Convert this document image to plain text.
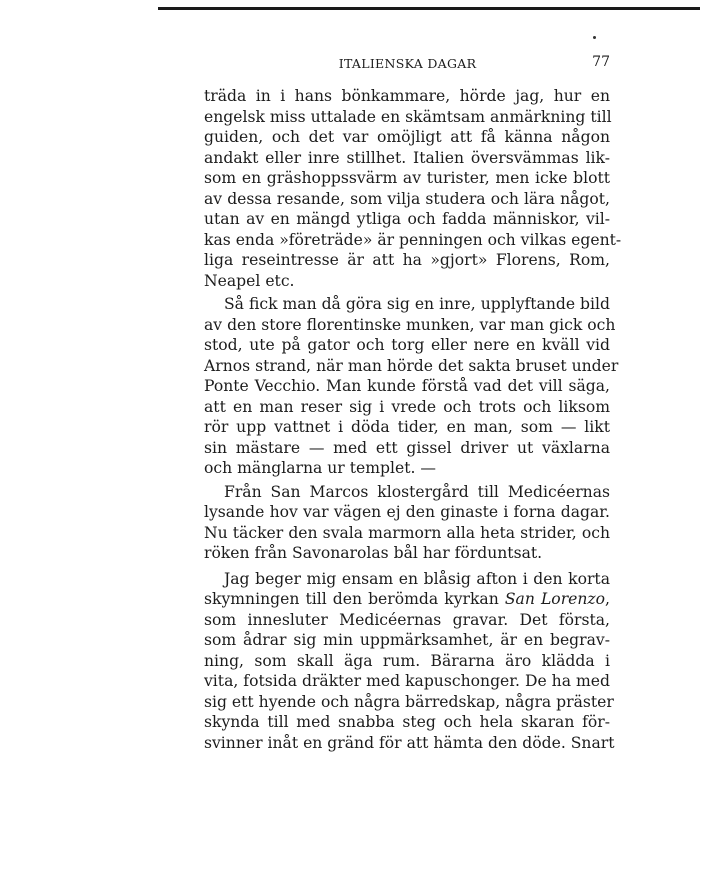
ITALIENSKA DAGAR	77
träda in i hans bönkammare, hörde jag, hur en
engelsk miss uttalade en skämtsam anmärkning till
guiden, och det var omöjligt att få känna någon
andakt eller inre stillhet. Italien översvämmas lik-
som en gräshoppssvärm av turister, men icke blott
av dessa resande, som vilja studera och lära något,
utan av en mängd ytliga och fadda människor, vil-
kas enda »företräde» är penningen och vilkas egent-
liga reseintresse är att ha »gjort» Florens, Rom,
Neapel etc.
Så fick man då göra sig en inre, upplyftande bild
av den store florentinske munken, var man gick och
stod, ute på gator och torg eller nere en kväll vid
Arnos strand, när man hörde det sakta bruset under
Ponte Vecchio. Man kunde förstå vad det vill säga,
att en man reser sig i vrede och trots och liksom
rör upp vattnet i döda tider, en man, som — likt
sin mästare — med ett gissel driver ut växlarna
och mänglarna ur templet. —
Från San Marcos klostergård till Medicéernas
lysande hov var vägen ej den ginaste i forna dagar.
Nu täcker den svala marmorn alla heta strider, och
röken från Savonarolas bål har förduntsat.
Jag beger mig ensam en blåsig afton i den korta
skymningen till den berömda kyrkan San Lorenzo,
som innesluter Medicéernas gravar. Det första,
som ådrar sig min uppmärksamhet, är en begrav-
ning, som skall äga rum. Bärarna äro klädda i
vita, fotsida dräkter med kapuschonger. De ha med
sig ett hyende och några bärredskap, några präster
skynda till med snabba steg och hela skaran för-
svinner inåt en gränd för att hämta den döde. Snart
